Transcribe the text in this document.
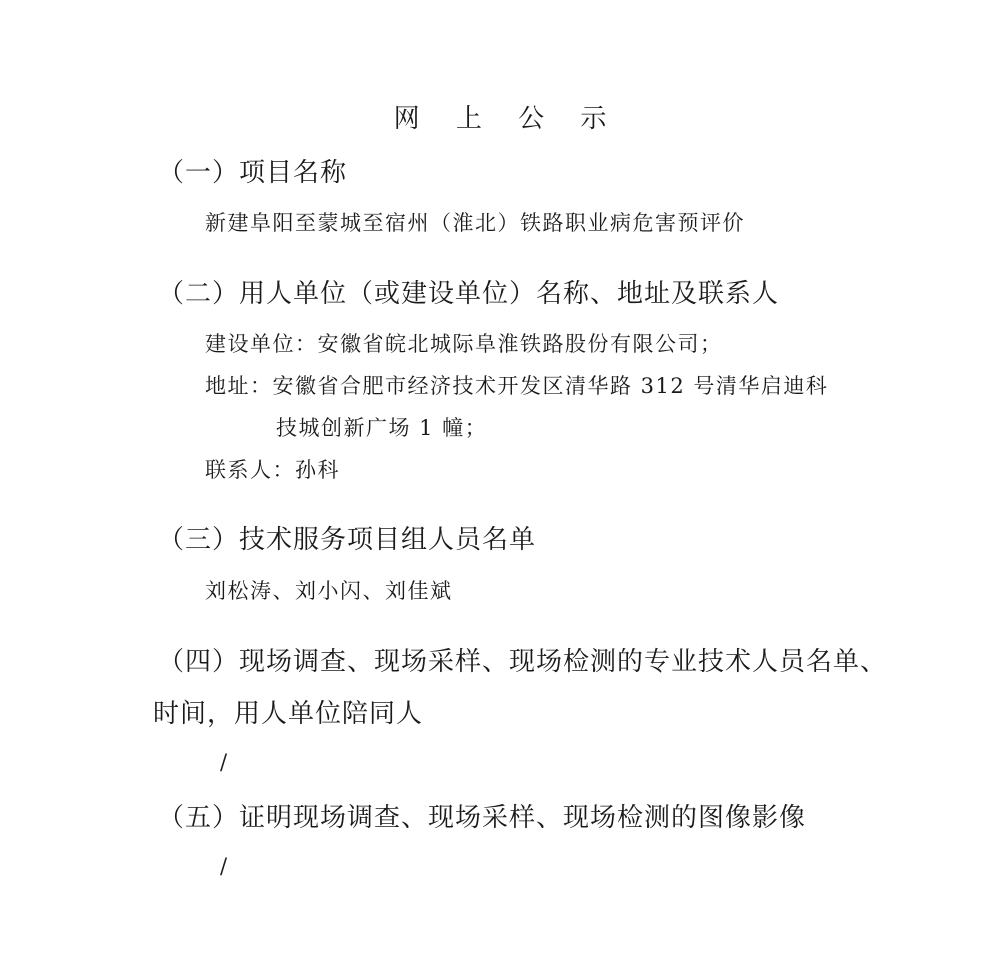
网 上 公 示
（一）项目名称
新建阜阳至蒙城至宿州（淮北）铁路职业病危害预评价
（二）用人单位（或建设单位）名称、地址及联系人
建设单位：安徽省皖北城际阜淮铁路股份有限公司；
地址：安徽省合肥市经济技术开发区清华路 312 号清华启迪科
技城创新广场 1 幢；
联系人：孙科
（三）技术服务项目组人员名单
刘松涛、刘小闪、刘佳斌
（四）现场调查、现场采样、现场检测的专业技术人员名单、
时间，用人单位陪同人
/
（五）证明现场调查、现场采样、现场检测的图像影像
/
